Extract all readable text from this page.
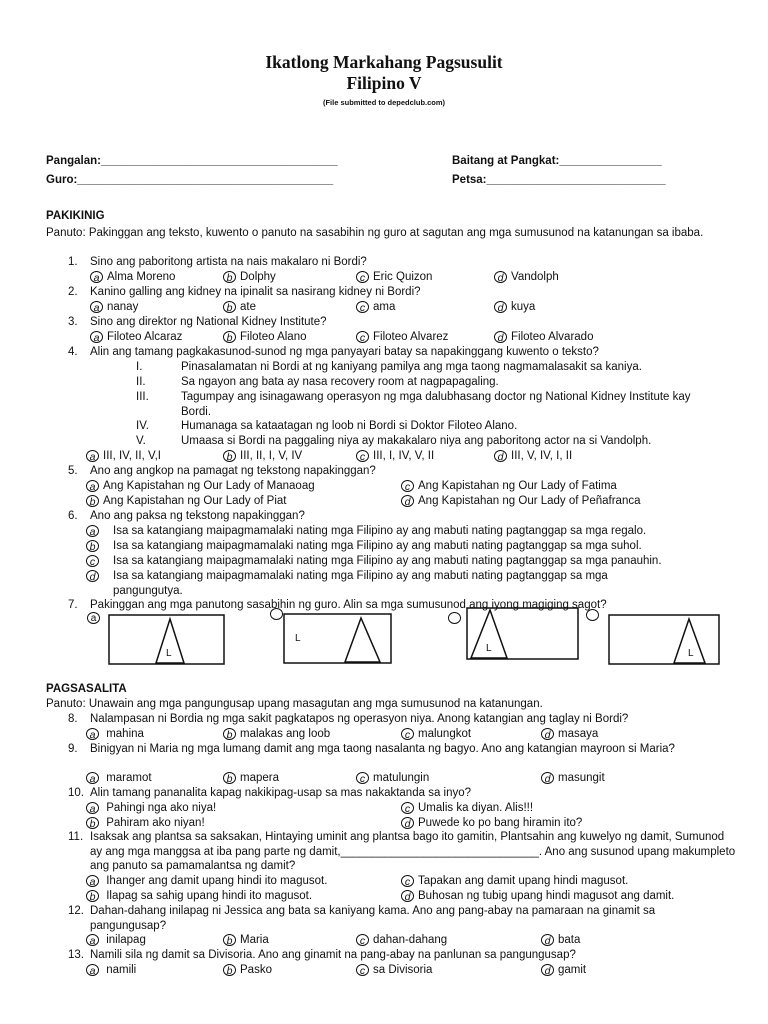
Ikatlong Markahang Pagsusulit
Filipino V
(File submitted to depedclub.com)
Pangalan:_____________________________________	Baitang at Pangkat:________________
Guro:________________________________________	Petsa:____________________________
PAKIKINIG
Panuto: Pakinggan ang teksto, kuwento o panuto na sasabihin ng guro at sagutan ang mga sumusunod na katanungan sa ibaba.
1. Sino ang paboritong artista na nais makalaro ni Bordi?
a Alma Moreno	b Dolphy	c Eric Quizon	d Vandolph
2. Kanino galling ang kidney na ipinalit sa nasirang kidney ni Bordi?
a nanay	b ate	c ama	d kuya
3. Sino ang direktor ng National Kidney Institute?
a Filoteo Alcaraz	b Filoteo Alano	c Filoteo Alvarez	d Filoteo Alvarado
4. Alin ang tamang pagkakasunod-sunod ng mga panyayari batay sa napakinggang kuwento o teksto?
I.	Pinasalamatan ni Bordi at ng kaniyang pamilya ang mga taong nagmamalasakit sa kaniya.
II.	Sa ngayon ang bata ay nasa recovery room at nagpapagaling.
III.	Tagumpay ang isinagawang operasyon ng mga dalubhasang doctor ng National Kidney Institute kay Bordi.
IV.	Humanaga sa kataatagan ng loob ni Bordi si Doktor Filoteo Alano.
V.	Umaasa si Bordi na paggaling niya ay makakalaro niya ang paboritong actor na si Vandolph.
a III, IV, II, V,I	b III, II, I, V, IV	c III, I, IV, V, II	d III, V, IV, I, II
5. Ano ang angkop na pamagat ng tekstong napakinggan?
a Ang Kapistahan ng Our Lady of Manaoag	c Ang Kapistahan ng Our Lady of Fatima
b Ang Kapistahan ng Our Lady of Piat	d Ang Kapistahan ng Our Lady of Peñafranca
6. Ano ang paksa ng tekstong napakinggan?
a	Isa sa katangiang maipagmamalaki nating mga Filipino ay ang mabuti nating pagtanggap sa mga regalo.
b	Isa sa katangiang maipagmamalaki nating mga Filipino ay ang mabuti nating pagtanggap sa mga suhol.
c	Isa sa katangiang maipagmamalaki nating mga Filipino ay ang mabuti nating pagtanggap sa mga panauhin.
d	Isa sa katangiang maipagmamalaki nating mga Filipino ay ang mabuti nating pagtanggap sa mga pangungutya.
7. Pakinggan ang mga panutong sasabihin ng guro. Alin sa mga sumusunod ang iyong magiging sagot?
a
L
L
L	L
PAGSASALITA
Panuto: Unawain ang mga pangungusap upang masagutan ang mga sumusunod na katanungan.
8. Nalampasan ni Bordia ng mga sakit pagkatapos ng operasyon niya. Anong katangian ang taglay ni Bordi?
a mahina	b malakas ang loob	c malungkot	d masaya
9. Binigyan ni Maria ng mga lumang damit ang mga taong nasalanta ng bagyo. Ano ang katangian mayroon si Maria?
a maramot	b mapera	c matulungin	d masungit
10. Alin tamang pananalita kapag nakikipag-usap sa mas nakaktanda sa inyo?
a Pahingi nga ako niya!	c Umalis ka diyan. Alis!!!
b Pahiram ako niyan!	d Puwede ko po bang hiramin ito?
11. Isaksak ang plantsa sa saksakan, Hintaying uminit ang plantsa bago ito gamitin, Plantsahin ang kuwelyo ng damit, Sumunod ay ang mga manggsa at iba pang parte ng damit,_______________________________. Ano ang susunod upang makumpleto ang panuto sa pamamalantsa ng damit?
a Ihanger ang damit upang hindi ito magusot.	c Tapakan ang damit upang hindi magusot.
b Ilapag sa sahig upang hindi ito magusot.	d Buhosan ng tubig upang hindi magusot ang damit.
12. Dahan-dahang inilapag ni Jessica ang bata sa kaniyang kama. Ano ang pang-abay na pamaraan na ginamit sa pangungusap?
a inilapag	b Maria	c dahan-dahang	d bata
13. Namili sila ng damit sa Divisoria. Ano ang ginamit na pang-abay na panlunan sa pangungusap?
a namili	b Pasko	c sa Divisoria	d gamit
